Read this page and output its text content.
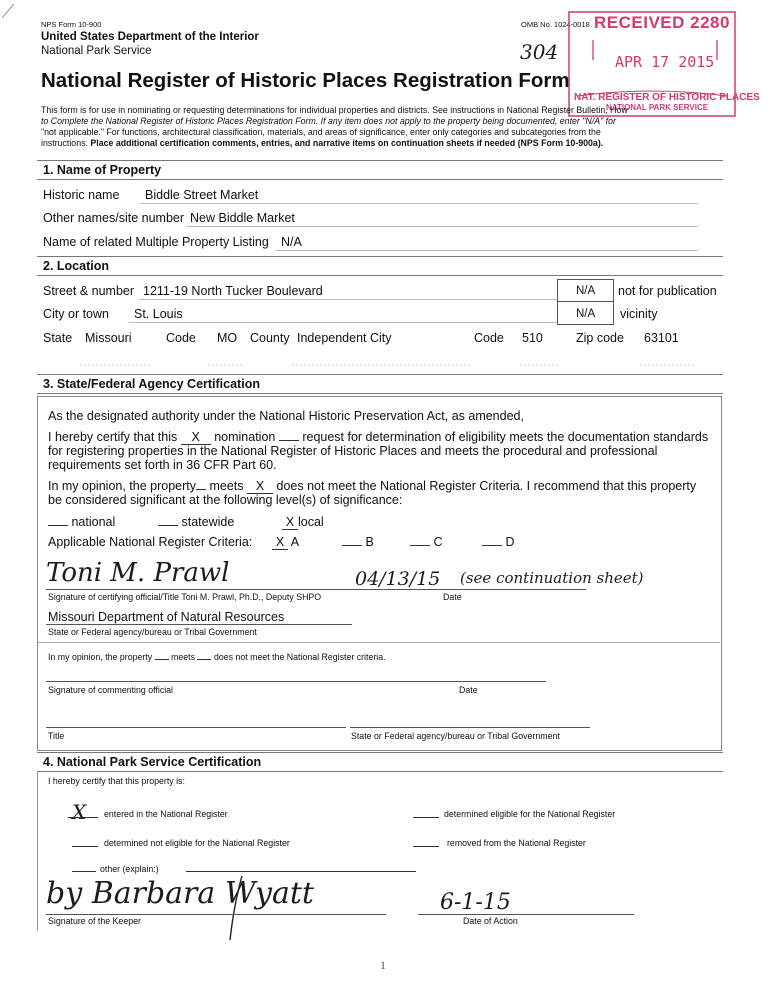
NPS Form 10-900
United States Department of the Interior
National Park Service
OMB No. 1024-0018
304
National Register of Historic Places Registration Form
RECEIVED 2280
APR 17 2015
NAT. REGISTER OF HISTORIC PLACES
NATIONAL PARK SERVICE
This form is for use in nominating or requesting determinations for individual properties and districts. See instructions in National Register Bulletin, How
to Complete the National Register of Historic Places Registration Form. If any item does not apply to the property being documented, enter "N/A" for
"not applicable." For functions, architectural classification, materials, and areas of significance, enter only categories and subcategories from the
instructions. Place additional certification comments, entries, and narrative items on continuation sheets if needed (NPS Form 10-900a).
1. Name of Property
Historic name Biddle Street Market
Other names/site number New Biddle Market
Name of related Multiple Property Listing N/A
2. Location
Street & number 1211-19 North Tucker Boulevard	N/A not for publication
City or town St. Louis	N/A vicinity
State Missouri	Code MO County Independent City	Code 510	Zip code 63101
3. State/Federal Agency Certification
As the designated authority under the National Historic Preservation Act, as amended,
I hereby certify that this X nomination request for determination of eligibility meets the documentation standards
for registering properties in the National Register of Historic Places and meets the procedural and professional
requirements set forth in 36 CFR Part 60.
In my opinion, the property meets X does not meet the National Register Criteria. I recommend that this property
be considered significant at the following level(s) of significance:
national	statewide	X local
Applicable National Register Criteria:	X A	B	C	D
Toni M. Prawl	04/13/15 (see continuation sheet)
Signature of certifying official/Title Toni M. Prawl, Ph.D., Deputy SHPO	Date
Missouri Department of Natural Resources
State or Federal agency/bureau or Tribal Government
In my opinion, the property meets does not meet the National Register criteria.
Signature of commenting official	Date
Title	State or Federal agency/bureau or Tribal Government
4. National Park Service Certification
I hereby certify that this property is:
X entered in the National Register	determined eligible for the National Register
determined not eligible for the National Register	removed from the National Register
other (explain:)
by Barbara Wyatt	6-1-15
Signature of the Keeper	Date of Action
1
